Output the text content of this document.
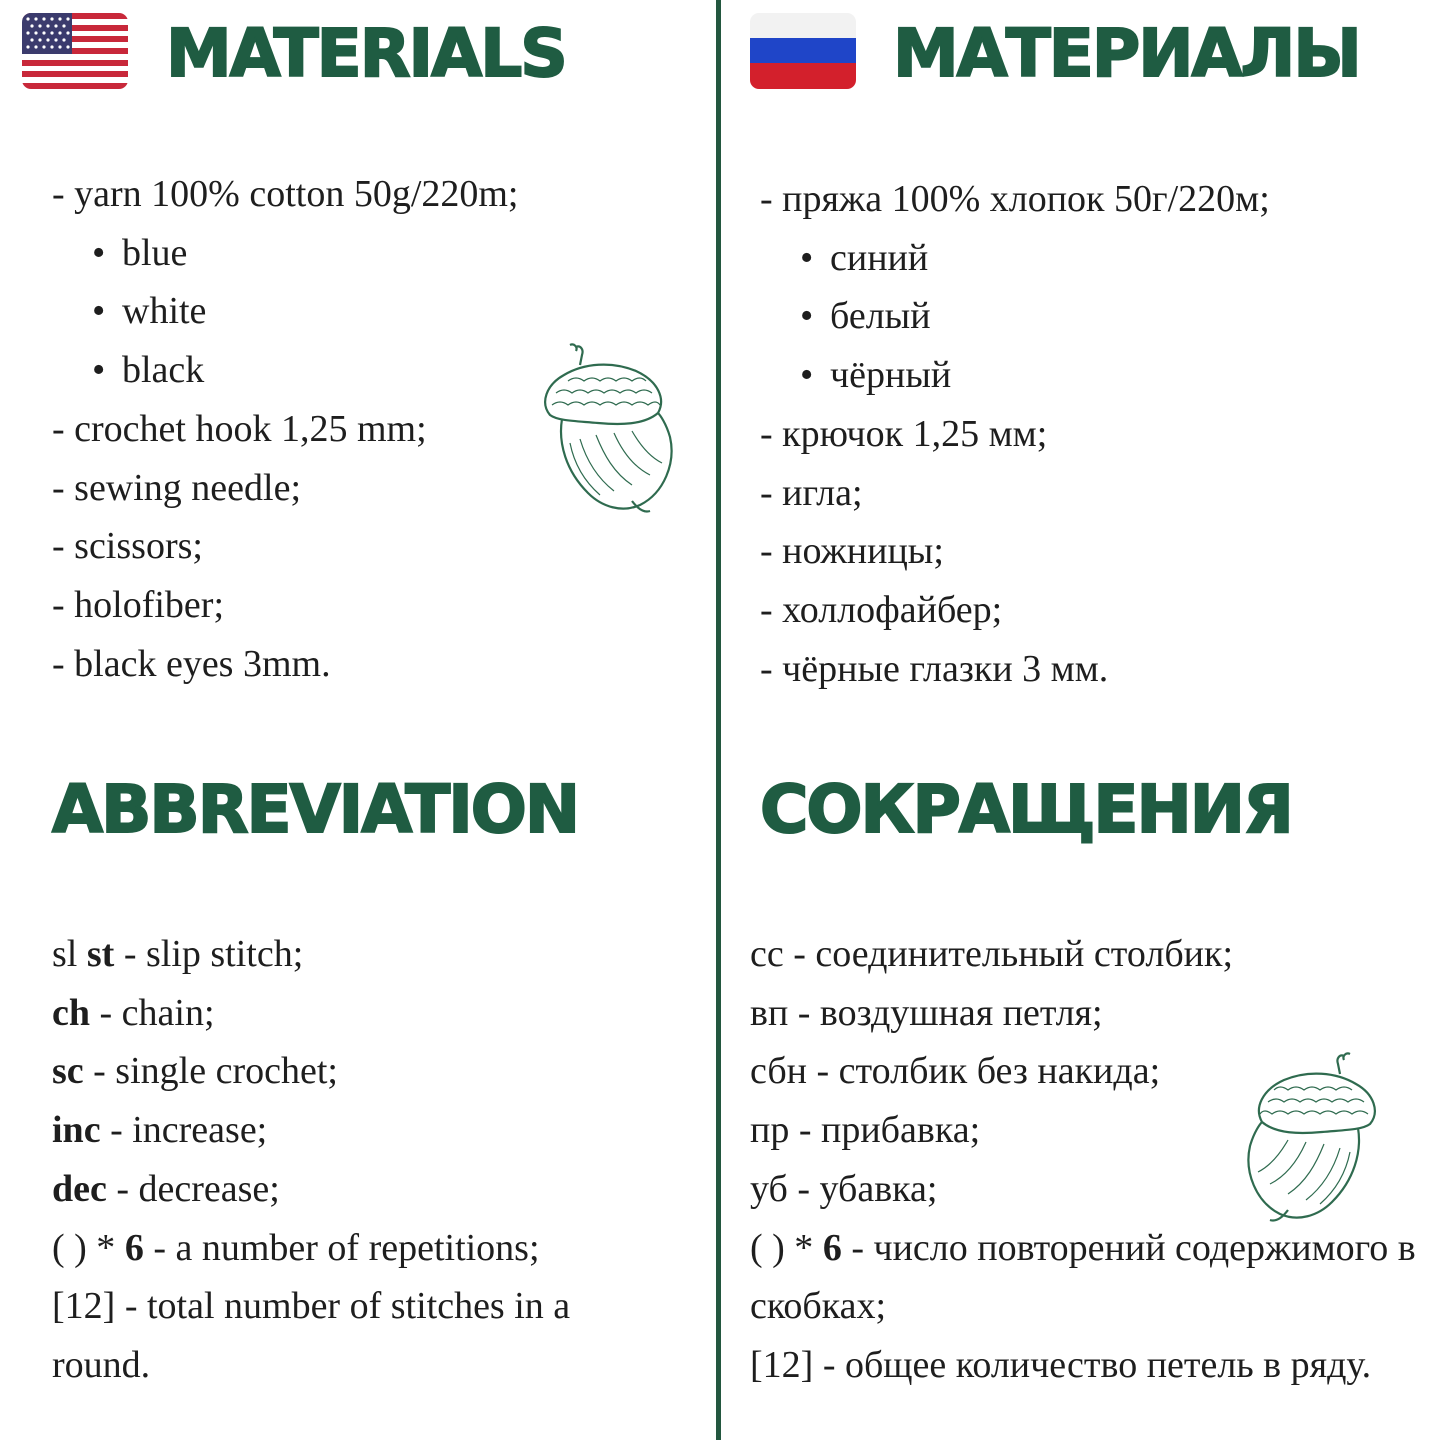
MATERIALS
- yarn 100% cotton 50g/220m;
• blue
• white
• black
- crochet hook 1,25 mm;
- sewing needle;
- scissors;
- holofiber;
- black eyes 3mm.
ABBREVIATION
sl st - slip stitch;
ch - chain;
sc - single crochet;
inc - increase;
dec - decrease;
( ) * 6 - a number of repetitions;
[12] - total number of stitches in a round.
МАТЕРИАЛЫ
- пряжа 100% хлопок 50г/220м;
• синий
• белый
• чёрный
- крючок 1,25 мм;
- игла;
- ножницы;
- холлофайбер;
- чёрные глазки 3 мм.
СОКРАЩЕНИЯ
сс - соединительный столбик;
вп - воздушная петля;
сбн - столбик без накида;
пр - прибавка;
уб - убавка;
( ) * 6 - число повторений содержимого в скобках;
[12] - общее количество петель в ряду.
